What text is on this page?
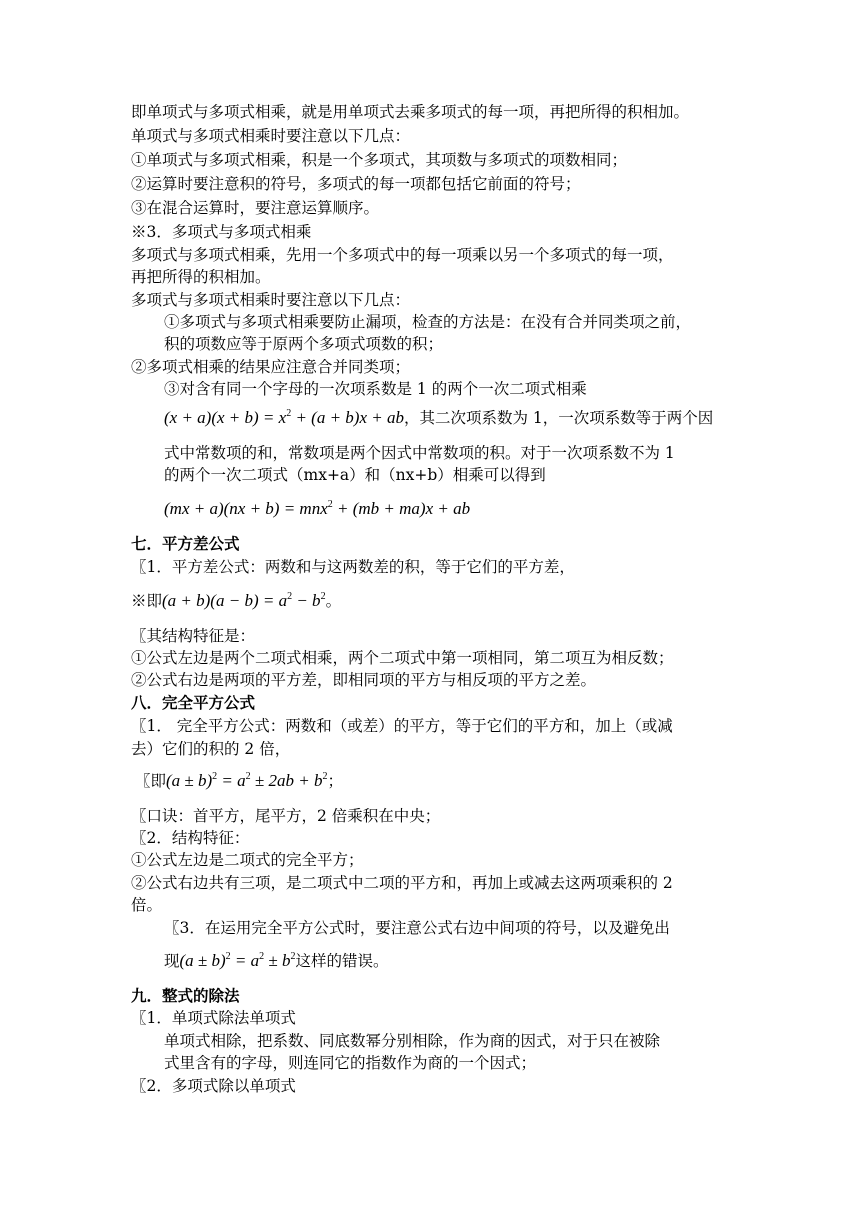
即单项式与多项式相乘，就是用单项式去乘多项式的每一项，再把所得的积相加。
单项式与多项式相乘时要注意以下几点：
①单项式与多项式相乘，积是一个多项式，其项数与多项式的项数相同；
②运算时要注意积的符号，多项式的每一项都包括它前面的符号；
③在混合运算时，要注意运算顺序。
※3．多项式与多项式相乘
多项式与多项式相乘，先用一个多项式中的每一项乘以另一个多项式的每一项，
再把所得的积相加。
多项式与多项式相乘时要注意以下几点：
①多项式与多项式相乘要防止漏项，检查的方法是：在没有合并同类项之前，
积的项数应等于原两个多项式项数的积；
②多项式相乘的结果应注意合并同类项；
③对含有同一个字母的一次项系数是 1 的两个一次二项式相乘
$(x + a)(x + b) = x^2 + (a + b)x$ + ab，其二次项系数为 1，一次项系数等于两个因
式中常数项的和，常数项是两个因式中常数项的积。对于一次项系数不为 1
的两个一次二项式（mx+a）和（nx+b）相乘可以得到
(mx + a)(nx + b) = mnx$^2$ + (mb + ma)x + ab
七．平方差公式
〖1．平方差公式：两数和与这两数差的积，等于它们的平方差，
※即$(a + b)(a - b) = a^2 - b^2$。
〖其结构特征是：
①公式左边是两个二项式相乘，两个二项式中第一项相同，第二项互为相反数；
②公式右边是两项的平方差，即相同项的平方与相反项的平方之差。
八．完全平方公式
〖1． 完全平方公式：两数和（或差）的平方，等于它们的平方和，加上（或减
去）它们的积的 2 倍，
〖即$(a \pm b)^2 = a^2 \pm 2ab + b^2$；
〖口诀：首平方，尾平方，2 倍乘积在中央；
〖2．结构特征：
①公式左边是二项式的完全平方；
②公式右边共有三项，是二项式中二项的平方和，再加上或减去这两项乘积的 2
倍。
〖3．在运用完全平方公式时，要注意公式右边中间项的符号，以及避免出
现$(a \pm b)^2 = a^2 \pm b^2$这样的错误。
九．整式的除法
〖1．单项式除法单项式
单项式相除，把系数、同底数幂分别相除，作为商的因式，对于只在被除
式里含有的字母，则连同它的指数作为商的一个因式；
〖2．多项式除以单项式
